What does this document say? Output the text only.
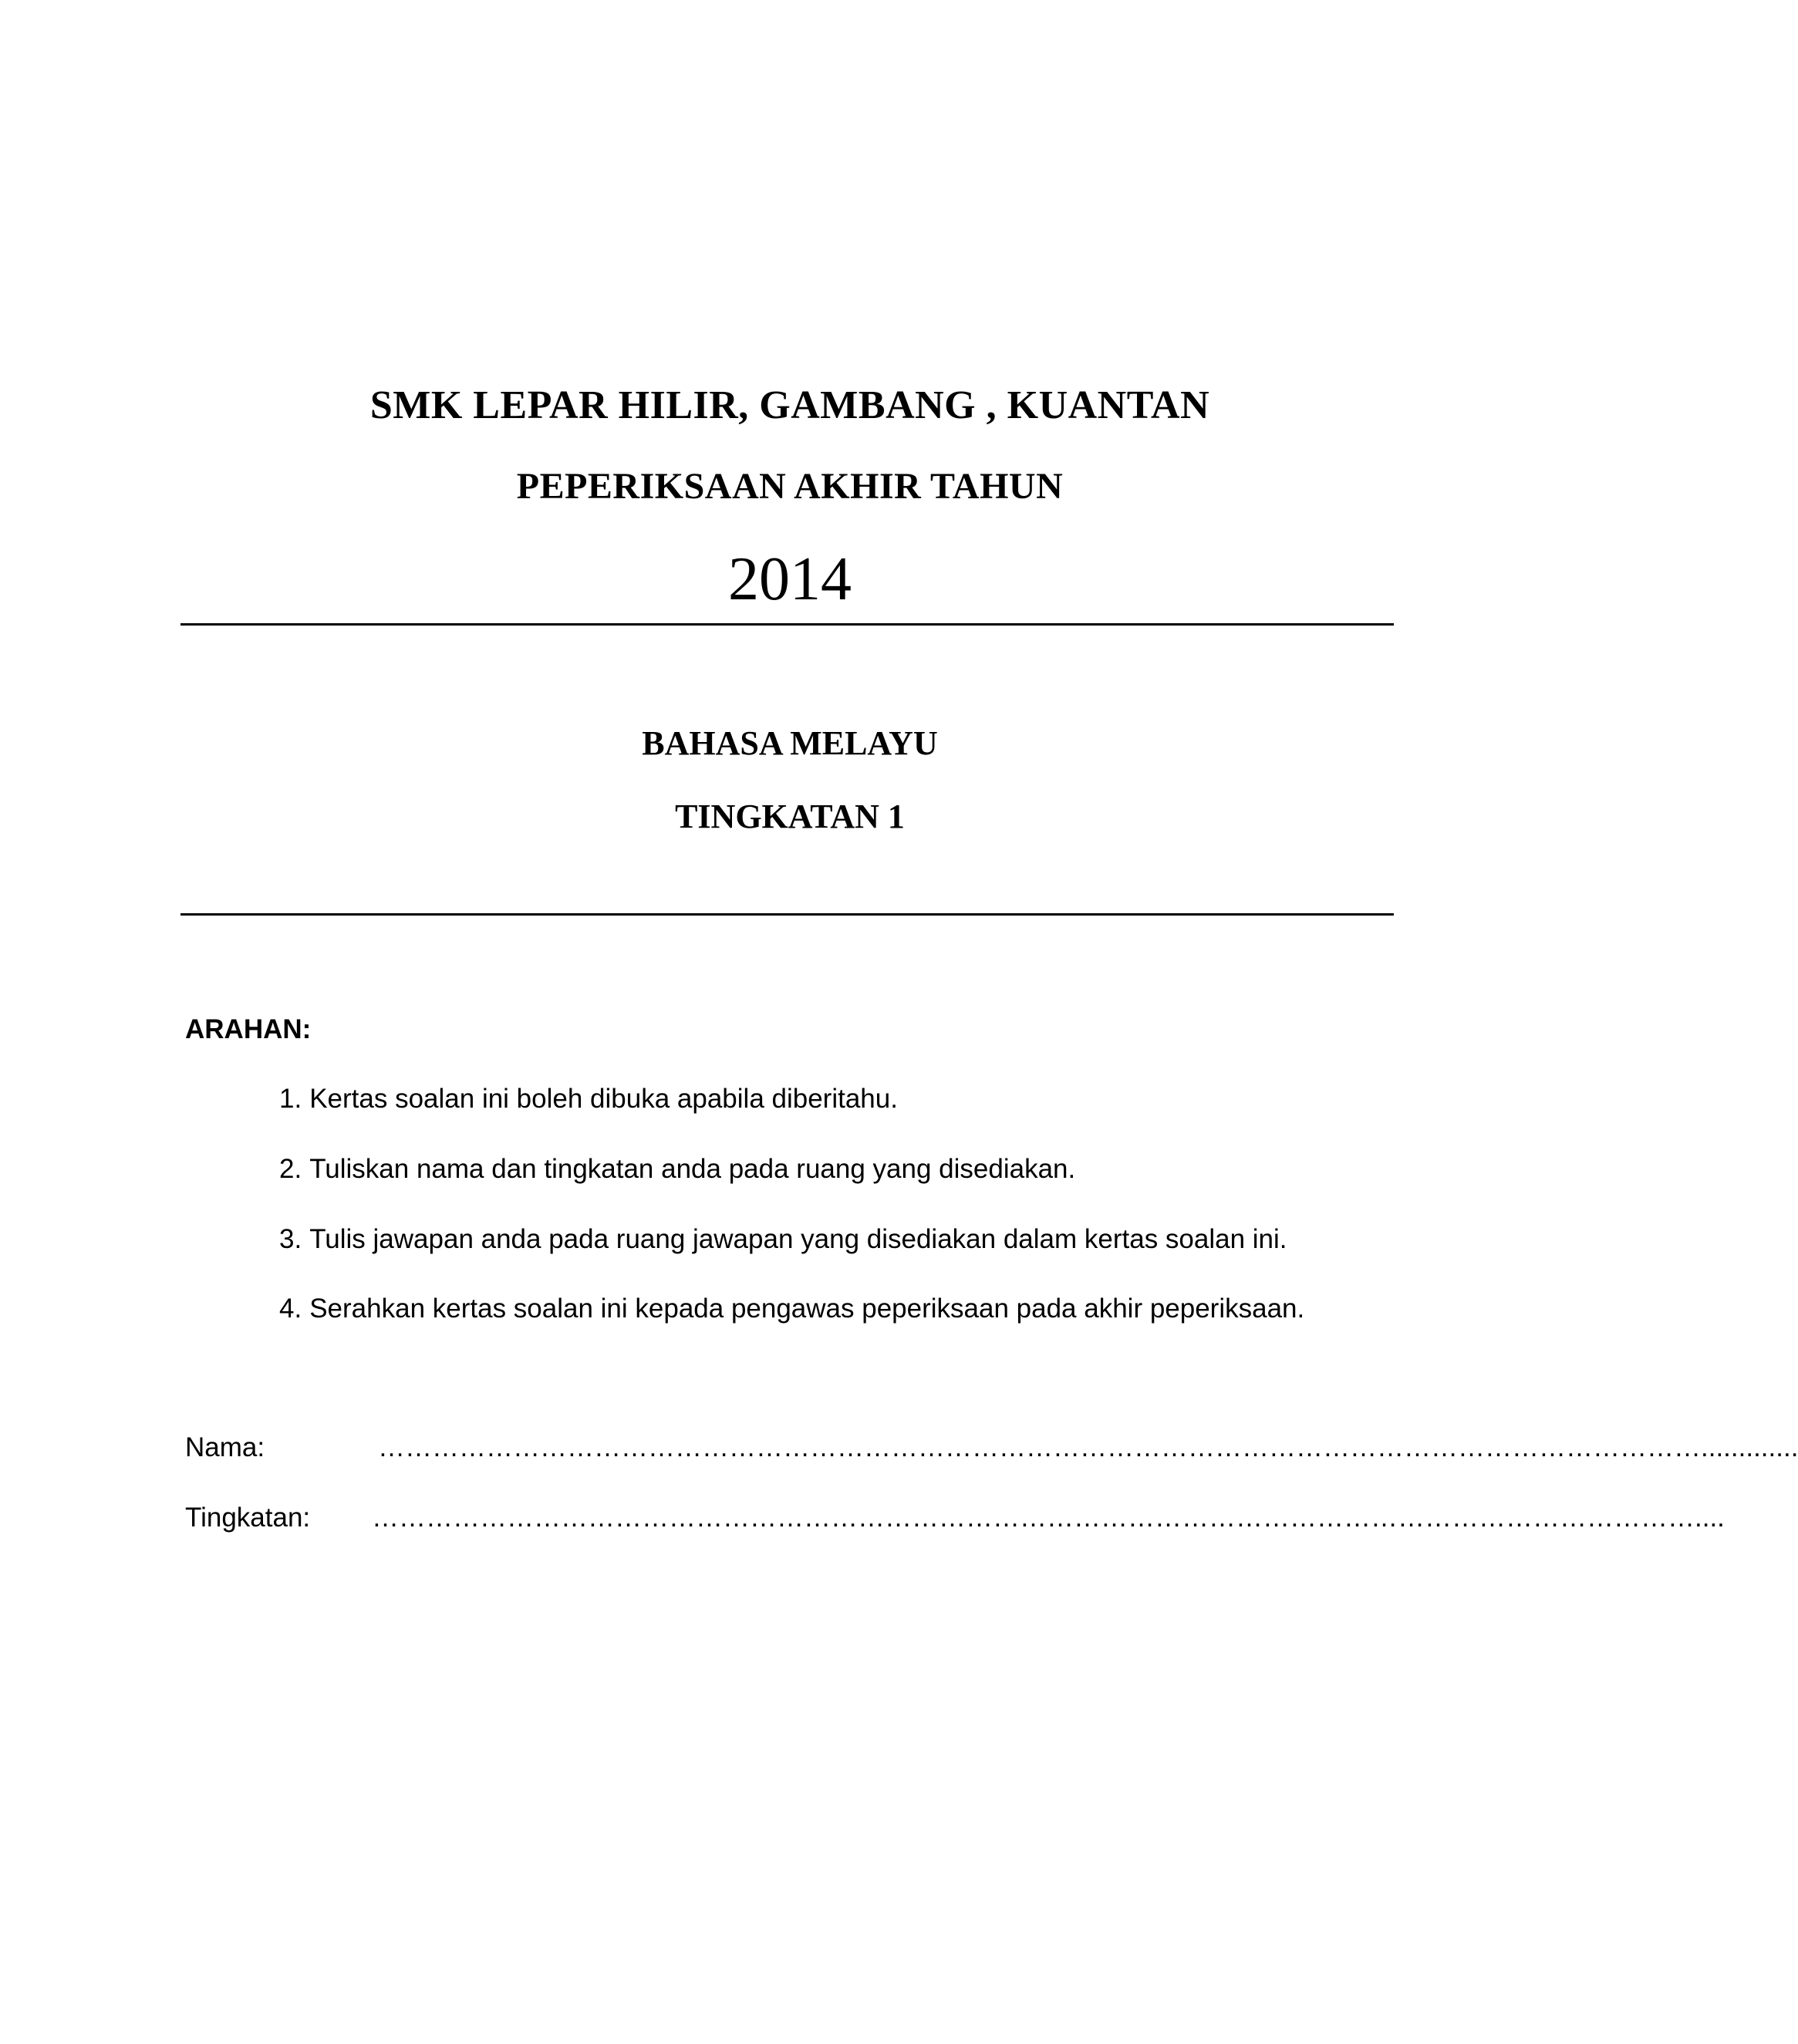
SMK LEPAR HILIR, GAMBANG , KUANTAN
PEPERIKSAAN AKHIR TAHUN
2014
BAHASA MELAYU
TINGKATAN 1
ARAHAN:
1. Kertas soalan ini boleh dibuka apabila diberitahu.
2. Tuliskan nama dan tingkatan anda pada ruang yang disediakan.
3. Tulis jawapan anda pada ruang jawapan yang disediakan dalam kertas soalan ini.
4. Serahkan kertas soalan ini kepada pengawas peperiksaan pada akhir peperiksaan.
Nama:	………………………………………………………………………………………………………………………………….............
Tingkatan: …………………………………………………………………………………………………………………………………....
